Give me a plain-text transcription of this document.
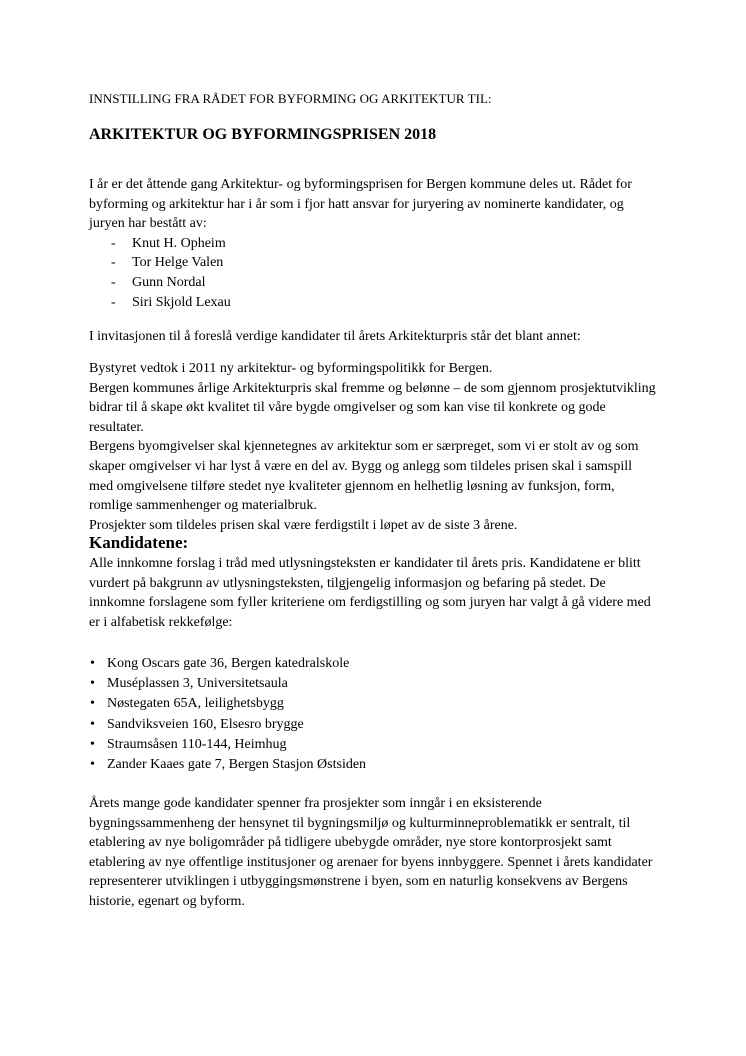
INNSTILLING FRA RÅDET FOR BYFORMING OG ARKITEKTUR TIL:
ARKITEKTUR OG BYFORMINGSPRISEN 2018

I år er det åttende gang Arkitektur- og byformingsprisen for Bergen kommune deles ut. Rådet for byforming og arkitektur har i år som i fjor hatt ansvar for juryering av nominerte kandidater, og juryen har bestått av:

- Knut H. Opheim
- Tor Helge Valen
- Gunn Nordal
- Siri Skjold Lexau

I invitasjonen til å foreslå verdige kandidater til årets Arkitekturpris står det blant annet:

Bystyret vedtok i 2011 ny arkitektur- og byformingspolitikk for Bergen.

Bergen kommunes årlige Arkitekturpris skal fremme og belønne – de som gjennom prosjektutvikling bidrar til å skape økt kvalitet til våre bygde omgivelser og som kan vise til konkrete og gode resultater.

Bergens byomgivelser skal kjennetegnes av arkitektur som er særpreget, som vi er stolt av og som skaper omgivelser vi har lyst å være en del av. Bygg og anlegg som tildeles prisen skal i samspill med omgivelsene tilføre stedet nye kvaliteter gjennom en helhetlig løsning av funksjon, form, romlige sammenhenger og materialbruk.

Prosjekter som tildeles prisen skal være ferdigstilt i løpet av de siste 3 årene.

Kandidatene:

Alle innkomne forslag i tråd med utlysningsteksten er kandidater til årets pris. Kandidatene er blitt vurdert på bakgrunn av utlysningsteksten, tilgjengelig informasjon og befaring på stedet. De innkomne forslagene som fyller kriteriene om ferdigstilling og som juryen har valgt å gå videre med er i alfabetisk rekkefølge:

• Kong Oscars gate 36, Bergen katedralskole
• Muséplassen 3, Universitetsaula
• Nøstegaten 65A, leilighetsbygg
• Sandviksveien 160, Elsesro brygge
• Straumsåsen 110-144, Heimhug
• Zander Kaaes gate 7, Bergen Stasjon Østsiden

Årets mange gode kandidater spenner fra prosjekter som inngår i en eksisterende bygningssammenheng der hensynet til bygningsmiljø og kulturminneproblematikk er sentralt, til etablering av nye boligområder på tidligere ubebygde områder, nye store kontorprosjekt samt etablering av nye offentlige institusjoner og arenaer for byens innbyggere. Spennet i årets kandidater representerer utviklingen i utbyggingsmønstrene i byen, som en naturlig konsekvens av Bergens historie, egenart og byform.
